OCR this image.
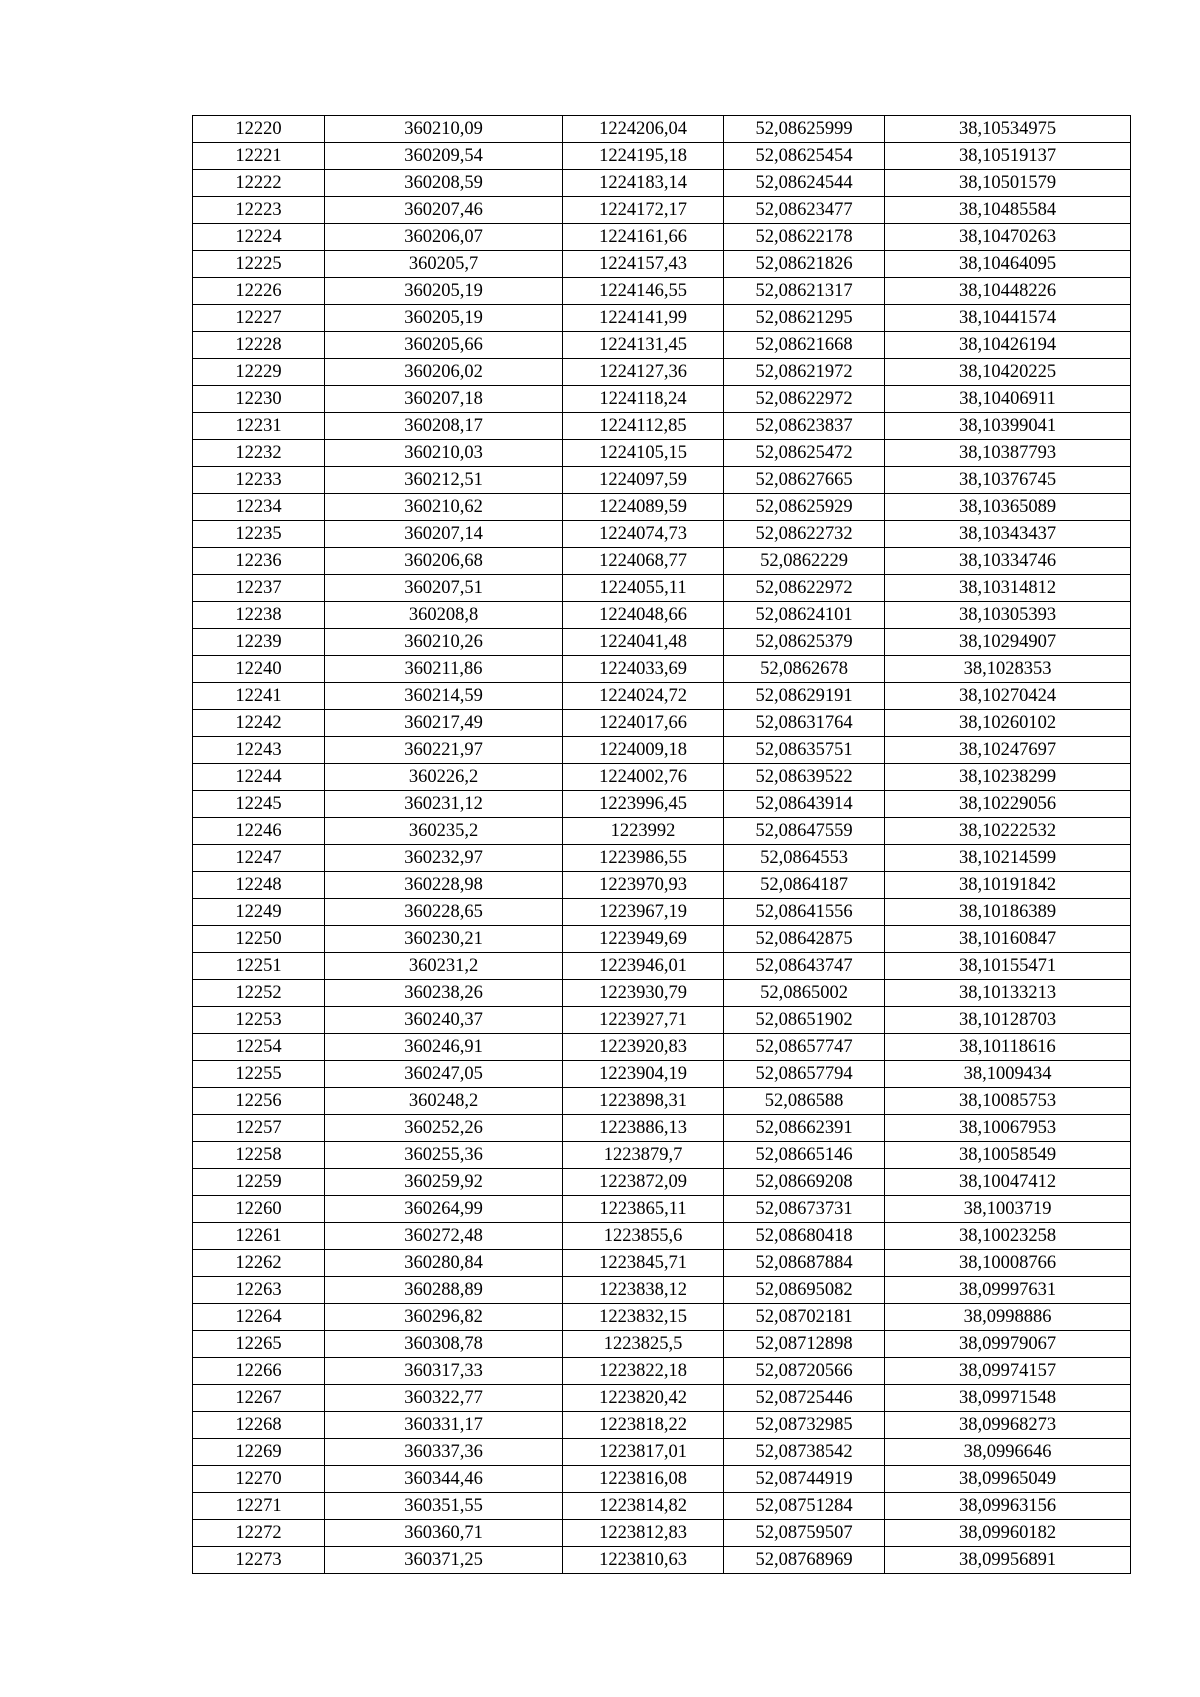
12220	360210,09	1224206,04	52,08625999	38,10534975
12221	360209,54	1224195,18	52,08625454	38,10519137
12222	360208,59	1224183,14	52,08624544	38,10501579
12223	360207,46	1224172,17	52,08623477	38,10485584
12224	360206,07	1224161,66	52,08622178	38,10470263
12225	360205,7	1224157,43	52,08621826	38,10464095
12226	360205,19	1224146,55	52,08621317	38,10448226
12227	360205,19	1224141,99	52,08621295	38,10441574
12228	360205,66	1224131,45	52,08621668	38,10426194
12229	360206,02	1224127,36	52,08621972	38,10420225
12230	360207,18	1224118,24	52,08622972	38,10406911
12231	360208,17	1224112,85	52,08623837	38,10399041
12232	360210,03	1224105,15	52,08625472	38,10387793
12233	360212,51	1224097,59	52,08627665	38,10376745
12234	360210,62	1224089,59	52,08625929	38,10365089
12235	360207,14	1224074,73	52,08622732	38,10343437
12236	360206,68	1224068,77	52,0862229	38,10334746
12237	360207,51	1224055,11	52,08622972	38,10314812
12238	360208,8	1224048,66	52,08624101	38,10305393
12239	360210,26	1224041,48	52,08625379	38,10294907
12240	360211,86	1224033,69	52,0862678	38,1028353
12241	360214,59	1224024,72	52,08629191	38,10270424
12242	360217,49	1224017,66	52,08631764	38,10260102
12243	360221,97	1224009,18	52,08635751	38,10247697
12244	360226,2	1224002,76	52,08639522	38,10238299
12245	360231,12	1223996,45	52,08643914	38,10229056
12246	360235,2	1223992	52,08647559	38,10222532
12247	360232,97	1223986,55	52,0864553	38,10214599
12248	360228,98	1223970,93	52,0864187	38,10191842
12249	360228,65	1223967,19	52,08641556	38,10186389
12250	360230,21	1223949,69	52,08642875	38,10160847
12251	360231,2	1223946,01	52,08643747	38,10155471
12252	360238,26	1223930,79	52,0865002	38,10133213
12253	360240,37	1223927,71	52,08651902	38,10128703
12254	360246,91	1223920,83	52,08657747	38,10118616
12255	360247,05	1223904,19	52,08657794	38,1009434
12256	360248,2	1223898,31	52,086588	38,10085753
12257	360252,26	1223886,13	52,08662391	38,10067953
12258	360255,36	1223879,7	52,08665146	38,10058549
12259	360259,92	1223872,09	52,08669208	38,10047412
12260	360264,99	1223865,11	52,08673731	38,1003719
12261	360272,48	1223855,6	52,08680418	38,10023258
12262	360280,84	1223845,71	52,08687884	38,10008766
12263	360288,89	1223838,12	52,08695082	38,09997631
12264	360296,82	1223832,15	52,08702181	38,0998886
12265	360308,78	1223825,5	52,08712898	38,09979067
12266	360317,33	1223822,18	52,08720566	38,09974157
12267	360322,77	1223820,42	52,08725446	38,09971548
12268	360331,17	1223818,22	52,08732985	38,09968273
12269	360337,36	1223817,01	52,08738542	38,0996646
12270	360344,46	1223816,08	52,08744919	38,09965049
12271	360351,55	1223814,82	52,08751284	38,09963156
12272	360360,71	1223812,83	52,08759507	38,09960182
12273	360371,25	1223810,63	52,08768969	38,09956891
